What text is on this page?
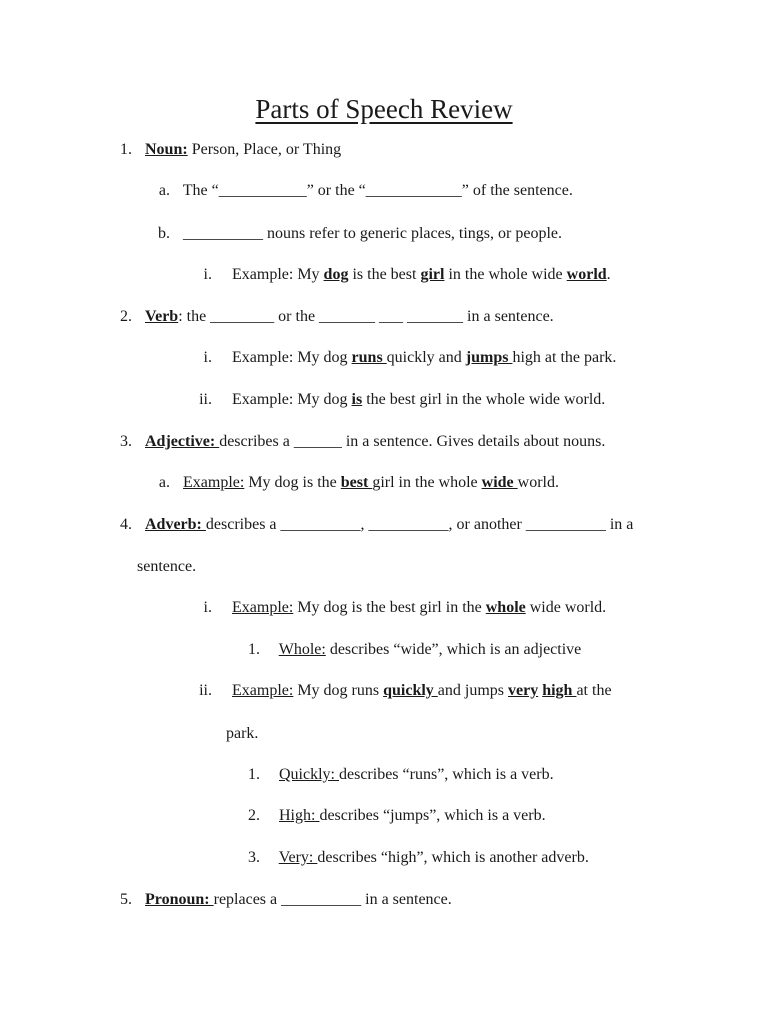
Parts of Speech Review
1. Noun: Person, Place, or Thing
a. The “___________” or the “____________” of the sentence.
b. __________ nouns refer to generic places, tings, or people.
i. Example: My dog is the best girl in the whole wide world.
2. Verb: the ________ or the _______ ___ _______ in a sentence.
i. Example: My dog runs quickly and jumps high at the park.
ii. Example: My dog is the best girl in the whole wide world.
3. Adjective: describes a ______ in a sentence. Gives details about nouns.
a. Example: My dog is the best girl in the whole wide world.
4. Adverb: describes a __________, __________, or another __________ in a
sentence.
i. Example: My dog is the best girl in the whole wide world.
1. Whole: describes “wide”, which is an adjective
ii. Example: My dog runs quickly and jumps very high at the
park.
1. Quickly: describes “runs”, which is a verb.
2. High: describes “jumps”, which is a verb.
3. Very: describes “high”, which is another adverb.
5. Pronoun: replaces a __________ in a sentence.
